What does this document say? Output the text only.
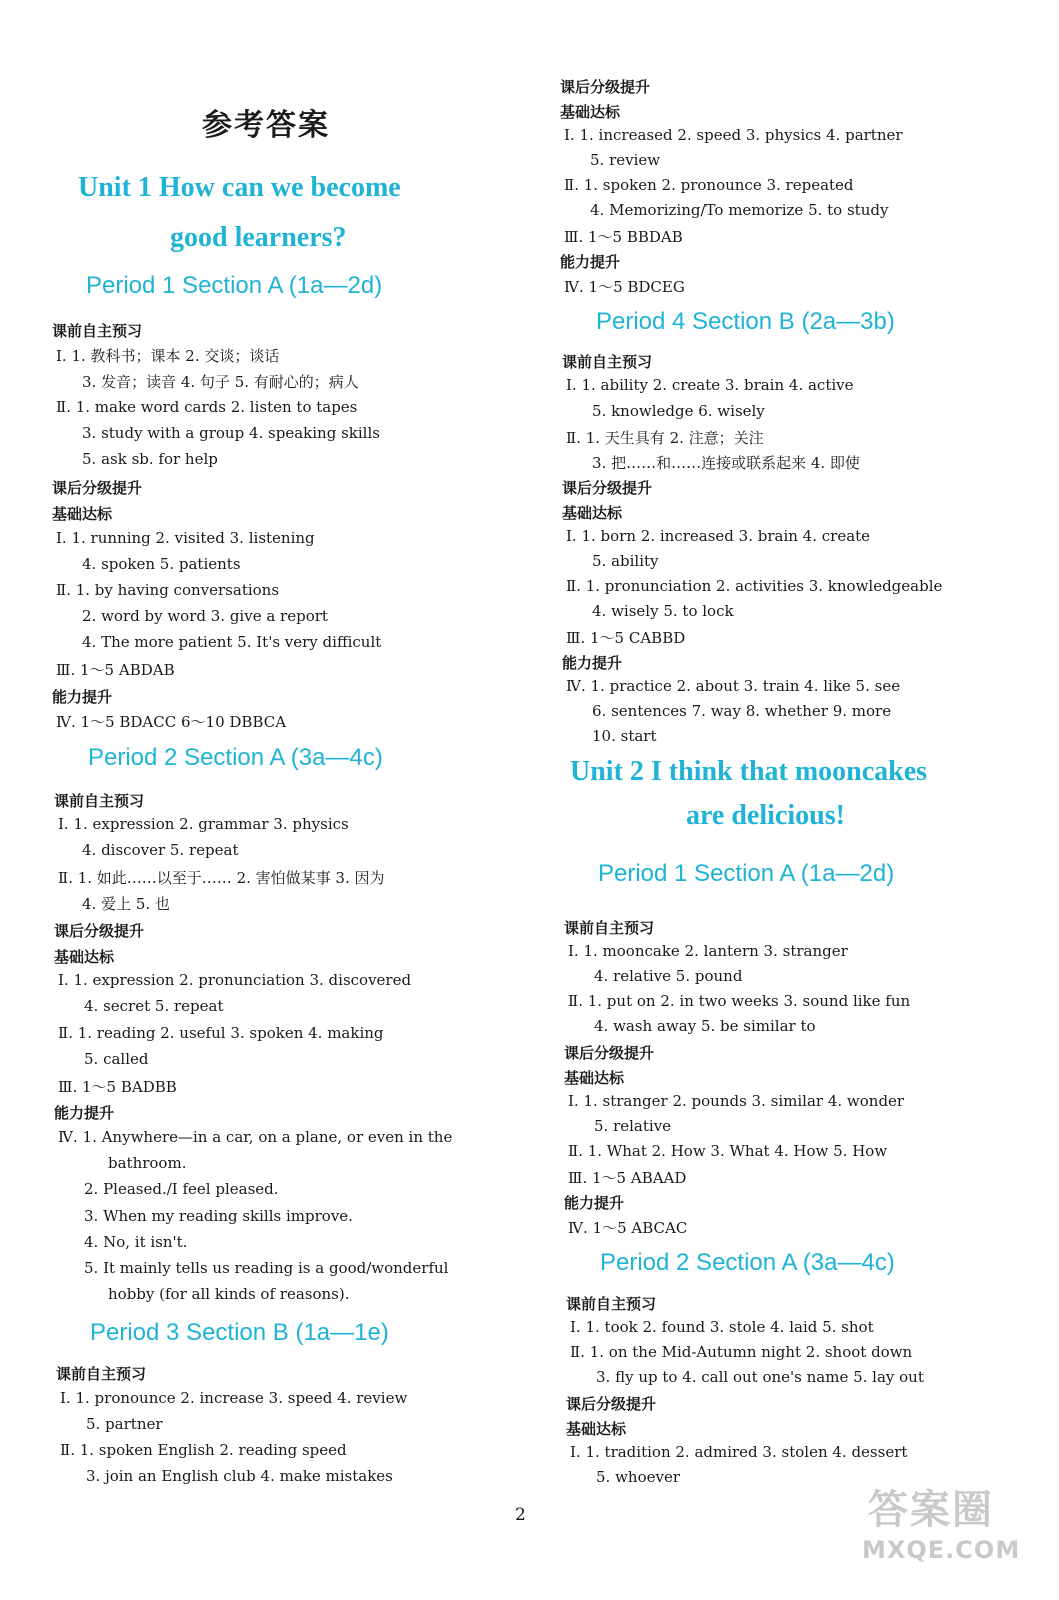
参考答案
Unit 1 How can we become
good learners?
Period 1 Section A (1a—2d)
课前自主预习
Ⅰ. 1. 教科书；课本 2. 交谈；谈话
3. 发音；读音 4. 句子 5. 有耐心的；病人
Ⅱ. 1. make word cards 2. listen to tapes
3. study with a group 4. speaking skills
5. ask sb. for help
课后分级提升
基础达标
Ⅰ. 1. running 2. visited 3. listening
4. spoken 5. patients
Ⅱ. 1. by having conversations
2. word by word 3. give a report
4. The more patient 5. It's very difficult
Ⅲ. 1～5 ABDAB
能力提升
Ⅳ. 1～5 BDACC 6～10 DBBCA
Period 2 Section A (3a—4c)
课前自主预习
Ⅰ. 1. expression 2. grammar 3. physics
4. discover 5. repeat
Ⅱ. 1. 如此……以至于…… 2. 害怕做某事 3. 因为
4. 爱上 5. 也
课后分级提升
基础达标
Ⅰ. 1. expression 2. pronunciation 3. discovered
4. secret 5. repeat
Ⅱ. 1. reading 2. useful 3. spoken 4. making
5. called
Ⅲ. 1～5 BADBB
能力提升
Ⅳ. 1. Anywhere—in a car, on a plane, or even in the
bathroom.
2. Pleased./I feel pleased.
3. When my reading skills improve.
4. No, it isn't.
5. It mainly tells us reading is a good/wonderful
hobby (for all kinds of reasons).
Period 3 Section B (1a—1e)
课前自主预习
Ⅰ. 1. pronounce 2. increase 3. speed 4. review
5. partner
Ⅱ. 1. spoken English 2. reading speed
3. join an English club 4. make mistakes
课后分级提升
基础达标
Ⅰ. 1. increased 2. speed 3. physics 4. partner
5. review
Ⅱ. 1. spoken 2. pronounce 3. repeated
4. Memorizing/To memorize 5. to study
Ⅲ. 1～5 BBDAB
能力提升
Ⅳ. 1～5 BDCEG
Period 4 Section B (2a—3b)
课前自主预习
Ⅰ. 1. ability 2. create 3. brain 4. active
5. knowledge 6. wisely
Ⅱ. 1. 天生具有 2. 注意；关注
3. 把……和……连接或联系起来 4. 即使
课后分级提升
基础达标
Ⅰ. 1. born 2. increased 3. brain 4. create
5. ability
Ⅱ. 1. pronunciation 2. activities 3. knowledgeable
4. wisely 5. to lock
Ⅲ. 1～5 CABBD
能力提升
Ⅳ. 1. practice 2. about 3. train 4. like 5. see
6. sentences 7. way 8. whether 9. more
10. start
Unit 2 I think that mooncakes
are delicious!
Period 1 Section A (1a—2d)
课前自主预习
Ⅰ. 1. mooncake 2. lantern 3. stranger
4. relative 5. pound
Ⅱ. 1. put on 2. in two weeks 3. sound like fun
4. wash away 5. be similar to
课后分级提升
基础达标
Ⅰ. 1. stranger 2. pounds 3. similar 4. wonder
5. relative
Ⅱ. 1. What 2. How 3. What 4. How 5. How
Ⅲ. 1～5 ABAAD
能力提升
Ⅳ. 1～5 ABCAC
Period 2 Section A (3a—4c)
课前自主预习
Ⅰ. 1. took 2. found 3. stole 4. laid 5. shot
Ⅱ. 1. on the Mid-Autumn night 2. shoot down
3. fly up to 4. call out one's name 5. lay out
课后分级提升
基础达标
Ⅰ. 1. tradition 2. admired 3. stolen 4. dessert
5. whoever
2	答案圈
MXQE.COM
